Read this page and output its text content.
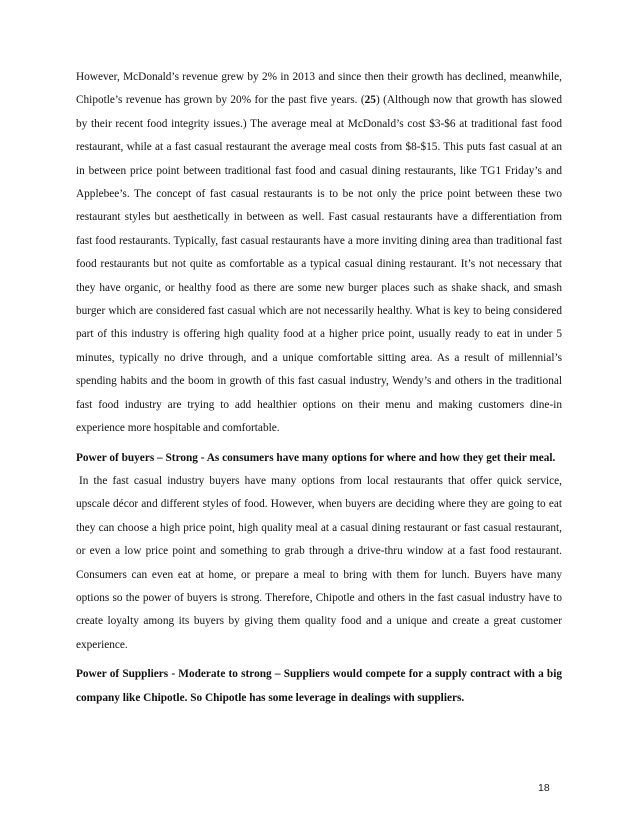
However, McDonald’s revenue grew by 2% in 2013 and since then their growth has declined, meanwhile, Chipotle’s revenue has grown by 20% for the past five years. (25) (Although now that growth has slowed by their recent food integrity issues.) The average meal at McDonald’s cost $3-$6 at traditional fast food restaurant, while at a fast casual restaurant the average meal costs from $8-$15. This puts fast casual at an in between price point between traditional fast food and casual dining restaurants, like TG1 Friday’s and Applebee’s. The concept of fast casual restaurants is to be not only the price point between these two restaurant styles but aesthetically in between as well. Fast casual restaurants have a differentiation from fast food restaurants. Typically, fast casual restaurants have a more inviting dining area than traditional fast food restaurants but not quite as comfortable as a typical casual dining restaurant. It’s not necessary that they have organic, or healthy food as there are some new burger places such as shake shack, and smash burger which are considered fast casual which are not necessarily healthy. What is key to being considered part of this industry is offering high quality food at a higher price point, usually ready to eat in under 5 minutes, typically no drive through, and a unique comfortable sitting area. As a result of millennial’s spending habits and the boom in growth of this fast casual industry, Wendy’s and others in the traditional fast food industry are trying to add healthier options on their menu and making customers dine-in experience more hospitable and comfortable.

Power of buyers – Strong - As consumers have many options for where and how they get their meal.

In the fast casual industry buyers have many options from local restaurants that offer quick service, upscale décor and different styles of food. However, when buyers are deciding where they are going to eat they can choose a high price point, high quality meal at a casual dining restaurant or fast casual restaurant, or even a low price point and something to grab through a drive-thru window at a fast food restaurant. Consumers can even eat at home, or prepare a meal to bring with them for lunch. Buyers have many options so the power of buyers is strong. Therefore, Chipotle and others in the fast casual industry have to create loyalty among its buyers by giving them quality food and a unique and create a great customer experience.

Power of Suppliers - Moderate to strong – Suppliers would compete for a supply contract with a big company like Chipotle. So Chipotle has some leverage in dealings with suppliers.

18
